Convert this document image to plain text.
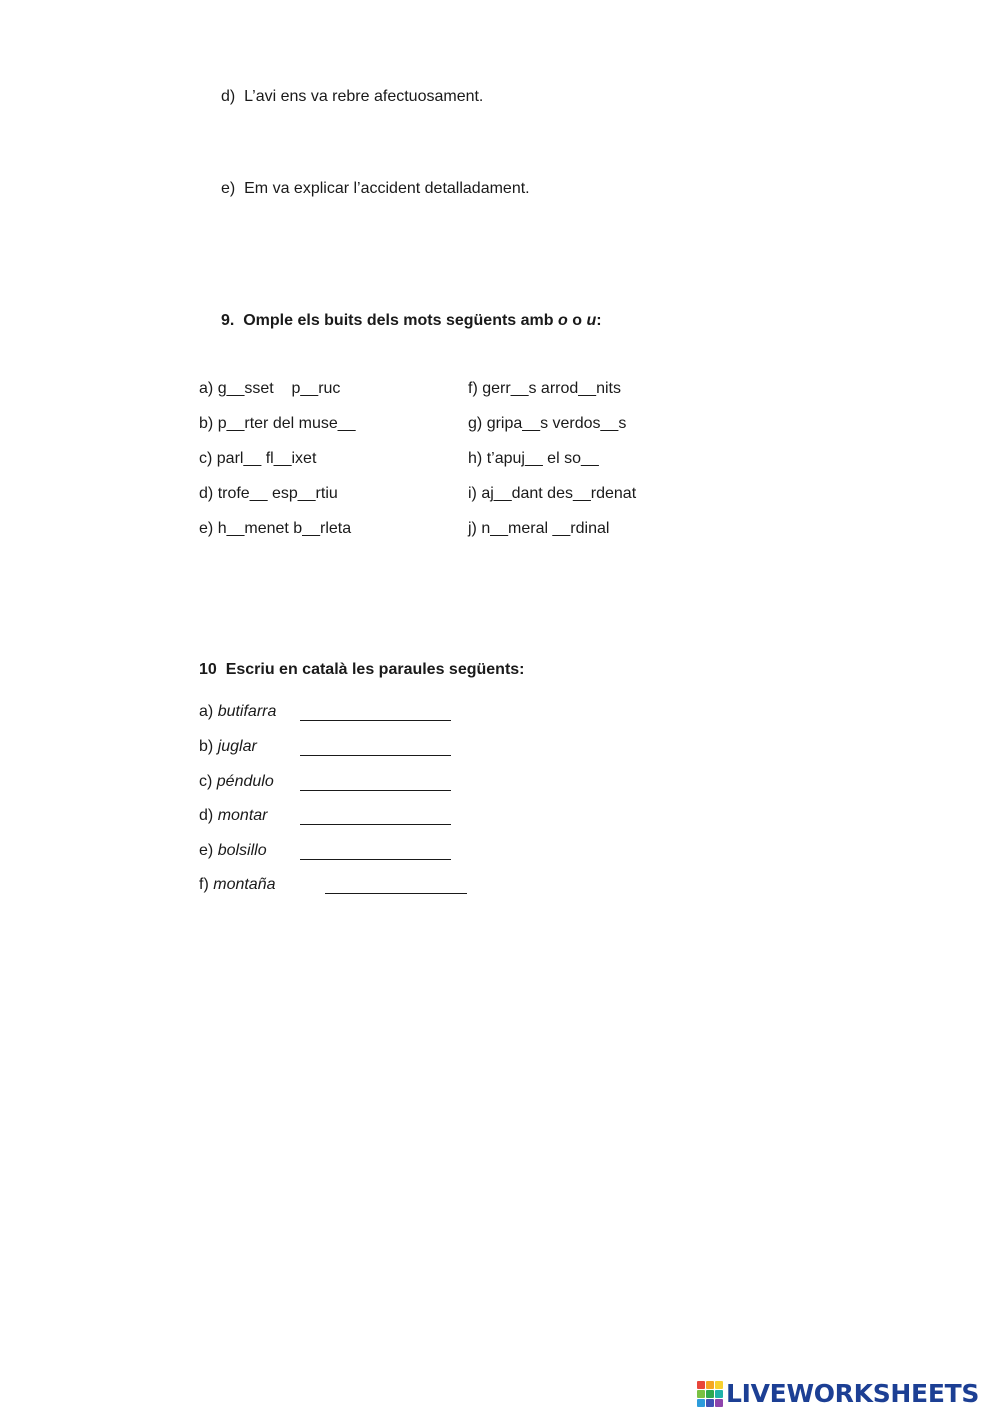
d) L’avi ens va rebre afectuosament.
e) Em va explicar l’accident detalladament.
9. Omple els buits dels mots següents amb o o u:
a) g__sset    p__ruc
b) p__rter del muse__
c) parl__ fl__ixet
d) trofe__ esp__rtiu
e) h__menet b__rleta
f) gerr__s arrod__nits
g) gripa__s verdos__s
h) t’apuj__ el so__
i) aj__dant des__rdenat
j) n__meral __rdinal
10 Escriu en català les paraules següents:
a) butifarra
b) juglar
c) péndulo
d) montar
e) bolsillo
f) montaña
LIVEWORKSHEETS
